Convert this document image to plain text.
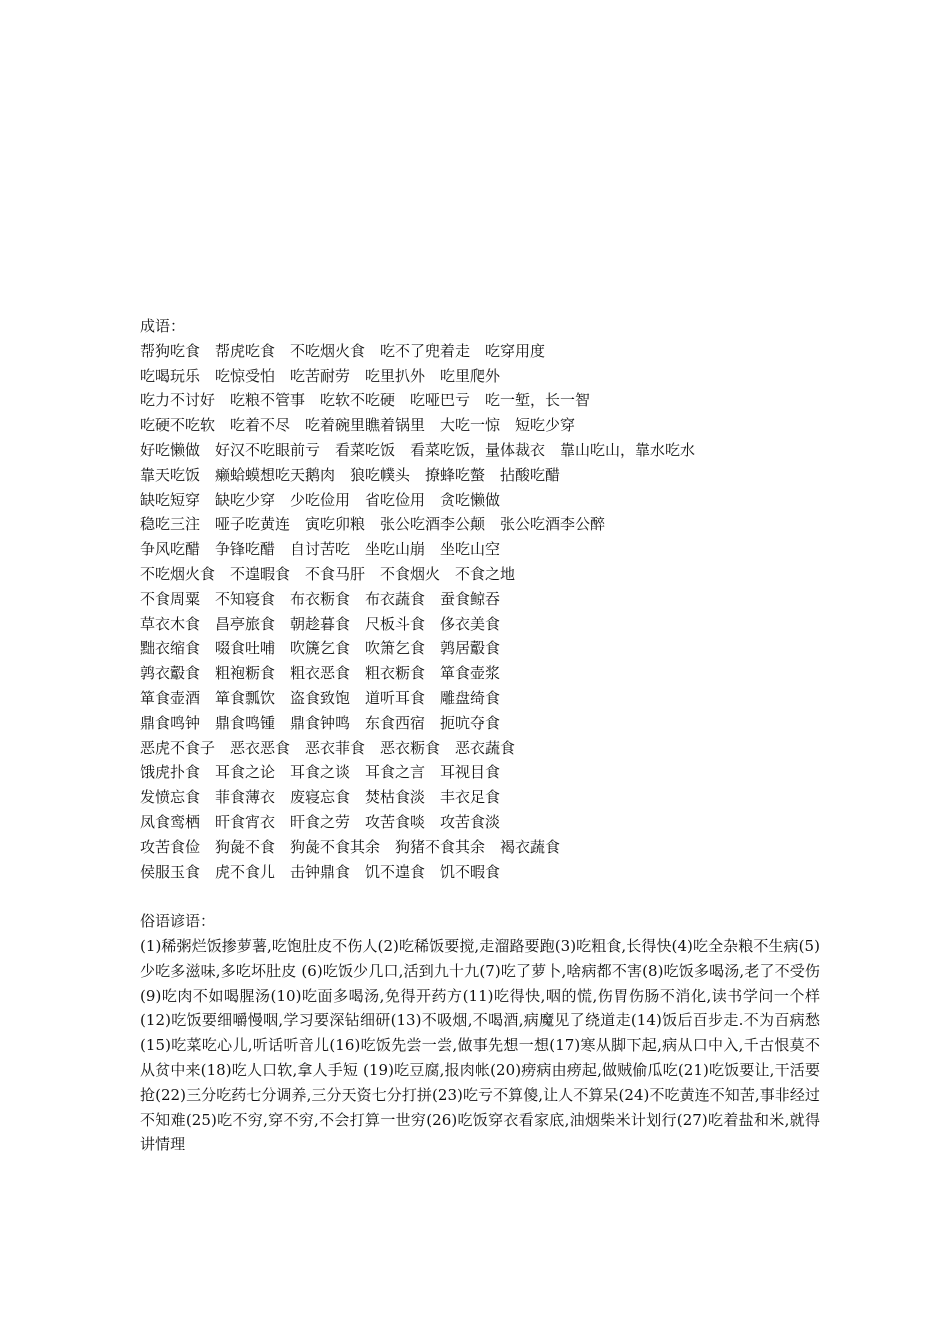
成语：
帮狗吃食　帮虎吃食　不吃烟火食　吃不了兜着走　吃穿用度
吃喝玩乐　吃惊受怕　吃苦耐劳　吃里扒外　吃里爬外
吃力不讨好　吃粮不管事　吃软不吃硬　吃哑巴亏　吃一堑，长一智
吃硬不吃软　吃着不尽　吃着碗里瞧着锅里　大吃一惊　短吃少穿
好吃懒做　好汉不吃眼前亏　看菜吃饭　看菜吃饭，量体裁衣　靠山吃山，靠水吃水
靠天吃饭　癞蛤蟆想吃天鹅肉　狼吃幞头　撩蜂吃螫　拈酸吃醋
缺吃短穿　缺吃少穿　少吃俭用　省吃俭用　贪吃懒做
稳吃三注　哑子吃黄连　寅吃卯粮　张公吃酒李公颠　张公吃酒李公醉
争风吃醋　争锋吃醋　自讨苦吃　坐吃山崩　坐吃山空
不吃烟火食　不遑暇食　不食马肝　不食烟火　不食之地
不食周粟　不知寝食　布衣粝食　布衣蔬食　蚕食鲸吞
草衣木食　昌亭旅食　朝趁暮食　尺板斗食　侈衣美食
黜衣缩食　啜食吐哺　吹篪乞食　吹箫乞食　鹑居鷇食
鹑衣鷇食　粗袍粝食　粗衣恶食　粗衣粝食　箪食壶浆
箪食壶酒　箪食瓢饮　盗食致饱　道听耳食　雕盘绮食
鼎食鸣钟　鼎食鸣锺　鼎食钟鸣　东食西宿　扼吭夺食
恶虎不食子　恶衣恶食　恶衣菲食　恶衣粝食　恶衣蔬食
饿虎扑食　耳食之论　耳食之谈　耳食之言　耳视目食
发愤忘食　菲食薄衣　废寝忘食　焚枯食淡　丰衣足食
凤食鸾栖　旰食宵衣　旰食之劳　攻苦食啖　攻苦食淡
攻苦食俭　狗彘不食　狗彘不食其余　狗猪不食其余　褐衣蔬食
侯服玉食　虎不食儿　击钟鼎食　饥不遑食　饥不暇食
俗语谚语：
(1)稀粥烂饭掺萝薯,吃饱肚皮不伤人(2)吃稀饭要搅,走溜路要跑(3)吃粗食,长得快(4)吃全杂粮不生病(5)少吃多滋味,多吃坏肚皮 (6)吃饭少几口,活到九十九(7)吃了萝卜,啥病都不害(8)吃饭多喝汤,老了不受伤(9)吃肉不如喝腥汤(10)吃面多喝汤,免得开药方(11)吃得快,咽的慌,伤胃伤肠不消化,读书学问一个样(12)吃饭要细嚼慢咽,学习要深钻细研(13)不吸烟,不喝酒,病魔见了绕道走(14)饭后百步走.不为百病愁(15)吃菜吃心儿,听话听音儿(16)吃饭先尝一尝,做事先想一想(17)寒从脚下起,病从口中入,千古恨莫不从贫中来(18)吃人口软,拿人手短 (19)吃豆腐,报肉帐(20)痨病由痨起,做贼偷瓜吃(21)吃饭要让,干活要抢(22)三分吃药七分调养,三分天资七分打拼(23)吃亏不算傻,让人不算呆(24)不吃黄连不知苦,事非经过不知难(25)吃不穷,穿不穷,不会打算一世穷(26)吃饭穿衣看家底,油烟柴米计划行(27)吃着盐和米,就得讲情理
